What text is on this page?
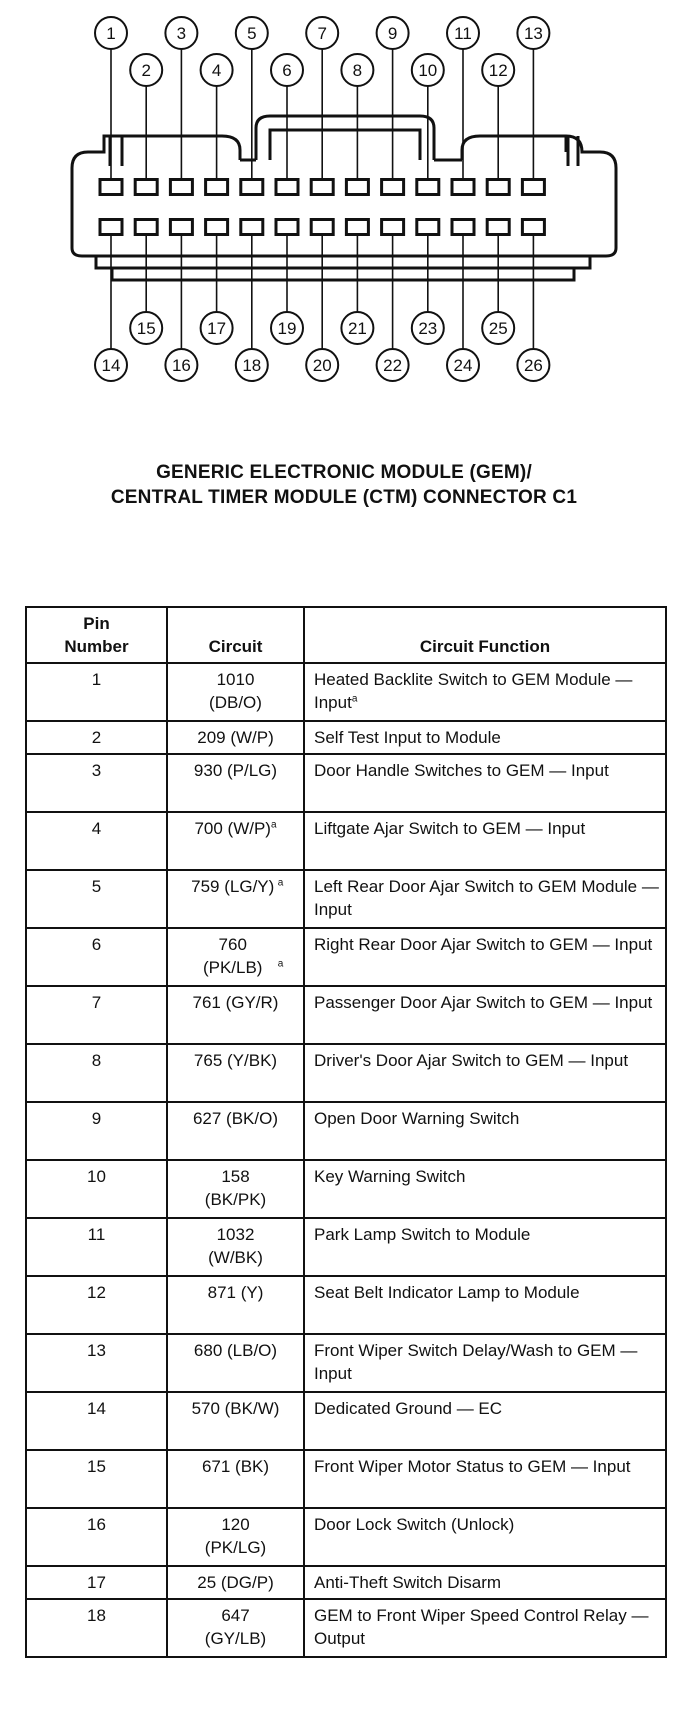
1
2
3
4
5
6
7
8
9
10
11
12
13
14
15
16
17
18
19
20
21
22
23
24
25
26
GENERIC ELECTRONIC MODULE (GEM)/
CENTRAL TIMER MODULE (CTM) CONNECTOR C1
Pin Number	Circuit	Circuit Function
1	1010 (DB/O)	Heated Backlite Switch to GEM Module — Input$^a$
2	209 (W/P)	Self Test Input to Module
3	930 (P/LG)	Door Handle Switches to GEM — Input
4	700 $(W/P)^a$	Liftgate Ajar Switch to GEM — Input
5	759 (LG/Y) $^a$	Left Rear Door Ajar Switch to GEM Module — Input
6	760 (PK/LB) $^a$	Right Rear Door Ajar Switch to GEM — Input
7	761 (GY/R)	Passenger Door Ajar Switch to GEM — Input
8	765 (Y/BK)	Driver's Door Ajar Switch to GEM — Input
9	627 (BK/O)	Open Door Warning Switch
10	158 (BK/PK)	Key Warning Switch
11	1032 (W/BK)	Park Lamp Switch to Module
12	871 (Y)	Seat Belt Indicator Lamp to Module
13	680 (LB/O)	Front Wiper Switch Delay/Wash to GEM — Input
14	570 (BK/W)	Dedicated Ground — EC
15	671 (BK)	Front Wiper Motor Status to GEM — Input
16	120 (PK/LG)	Door Lock Switch (Unlock)
17	25 (DG/P)	Anti-Theft Switch Disarm
18	647 (GY/LB)	GEM to Front Wiper Speed Control Relay — Output
